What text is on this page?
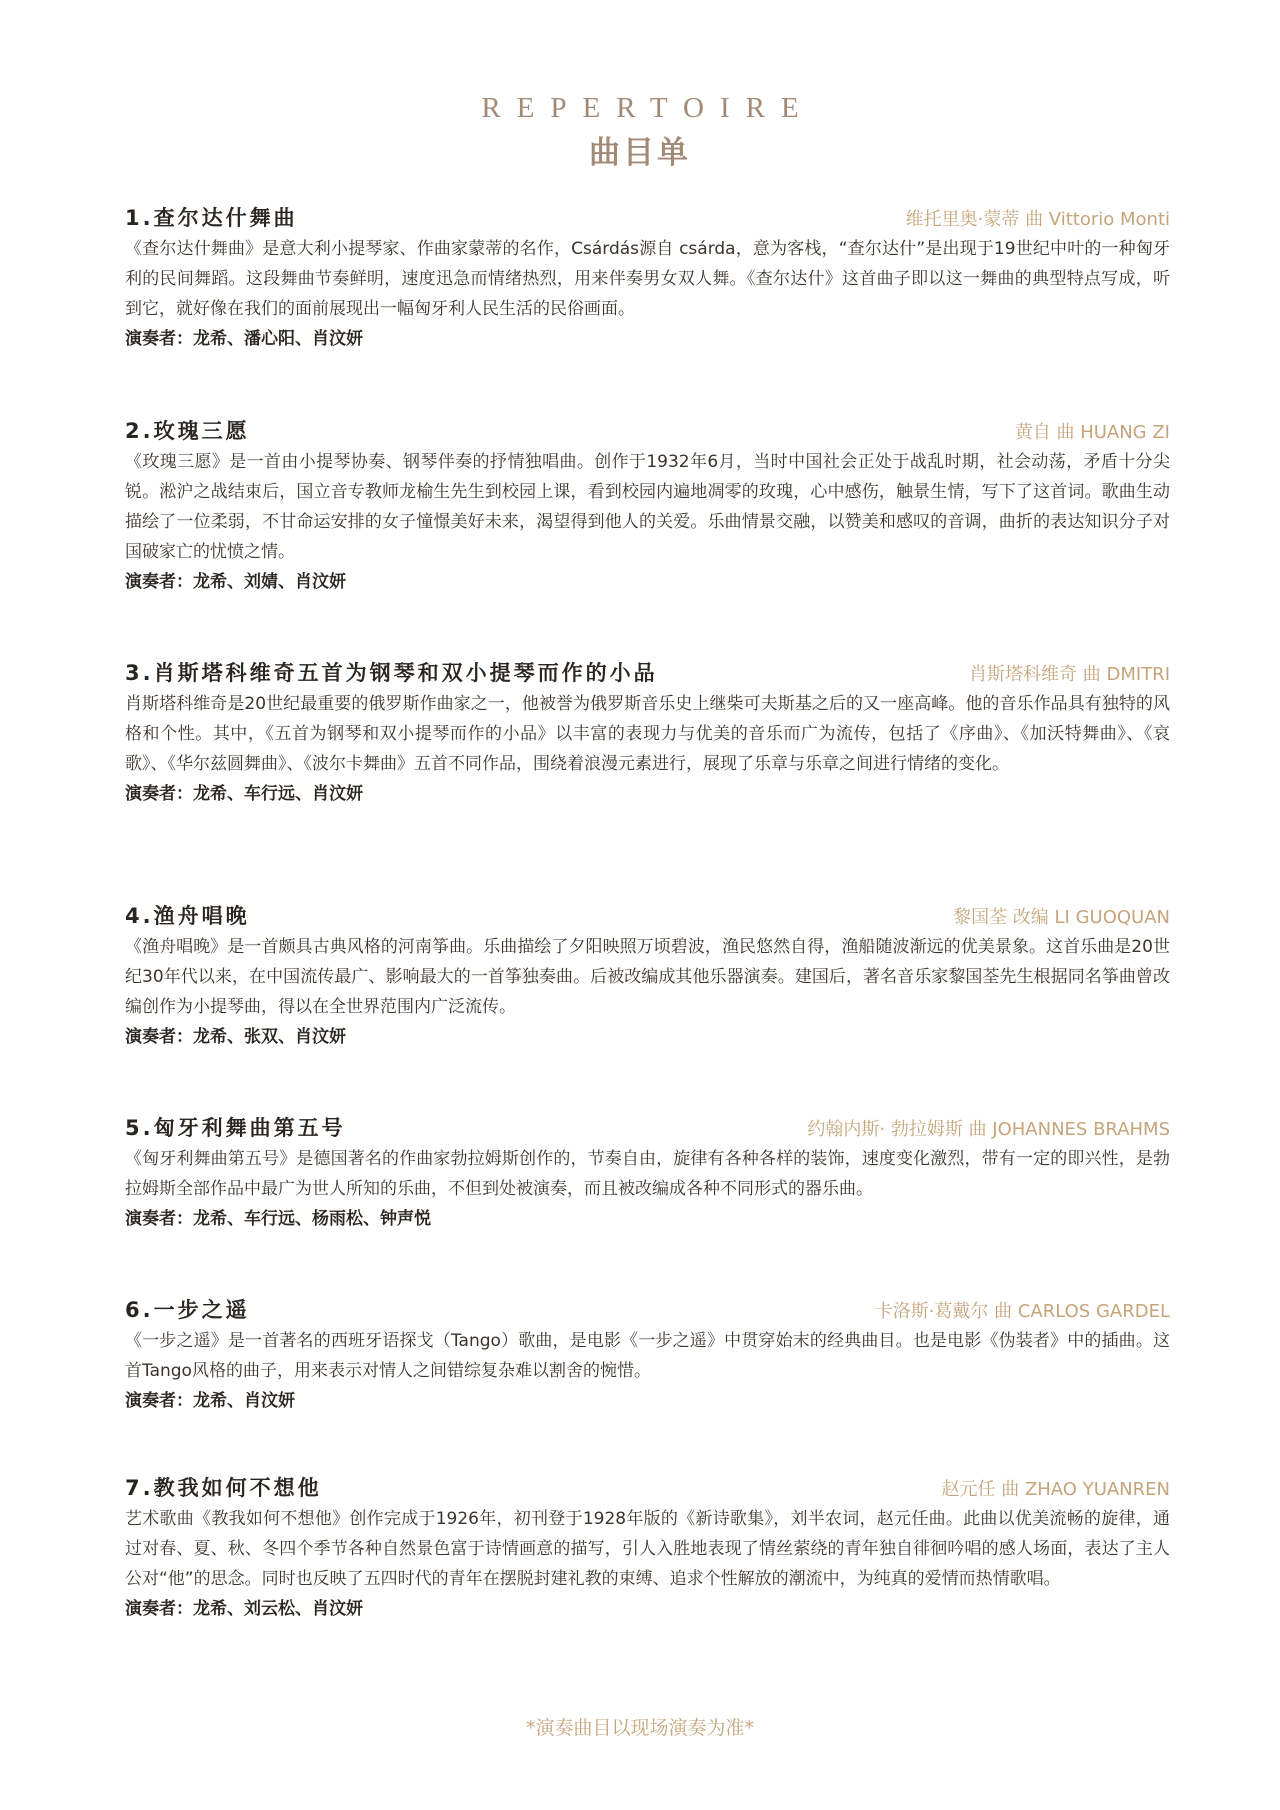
REPERTOIRE
曲目单
1.查尔达什舞曲	维托里奥·蒙蒂 曲 Vittorio Monti

《查尔达什舞曲》是意大利小提琴家、作曲家蒙蒂的名作，Csárdás源自 csárda，意为客栈，“查尔达什”是出现于19世纪中叶的一种匈牙利的民间舞蹈。这段舞曲节奏鲜明，速度迅急而情绪热烈，用来伴奏男女双人舞。《查尔达什》这首曲子即以这一舞曲的典型特点写成，听到它，就好像在我们的面前展现出一幅匈牙利人民生活的民俗画面。

演奏者：龙希、潘心阳、肖汶妍
2.玫瑰三愿	黄自 曲 HUANG ZI

《玫瑰三愿》是一首由小提琴协奏、钢琴伴奏的抒情独唱曲。创作于1932年6月，当时中国社会正处于战乱时期，社会动荡，矛盾十分尖锐。淞沪之战结束后，国立音专教师龙榆生先生到校园上课，看到校园内遍地凋零的玫瑰，心中感伤，触景生情，写下了这首词。歌曲生动描绘了一位柔弱，不甘命运安排的女子憧憬美好未来，渴望得到他人的关爱。乐曲情景交融，以赞美和感叹的音调，曲折的表达知识分子对国破家亡的忧愤之情。

演奏者：龙希、刘婧、肖汶妍
3.肖斯塔科维奇五首为钢琴和双小提琴而作的小品	肖斯塔科维奇 曲 DMITRI

肖斯塔科维奇是20世纪最重要的俄罗斯作曲家之一，他被誉为俄罗斯音乐史上继柴可夫斯基之后的又一座高峰。他的音乐作品具有独特的风格和个性。其中，《五首为钢琴和双小提琴而作的小品》以丰富的表现力与优美的音乐而广为流传，包括了《序曲》、《加沃特舞曲》、《哀歌》、《华尔兹圆舞曲》、《波尔卡舞曲》五首不同作品，围绕着浪漫元素进行，展现了乐章与乐章之间进行情绪的变化。

演奏者：龙希、车行远、肖汶妍
4.渔舟唱晚	黎国荃 改编 LI GUOQUAN

《渔舟唱晚》是一首颇具古典风格的河南筝曲。乐曲描绘了夕阳映照万顷碧波，渔民悠然自得，渔船随波渐远的优美景象。这首乐曲是20世纪30年代以来，在中国流传最广、影响最大的一首筝独奏曲。后被改编成其他乐器演奏。建国后，著名音乐家黎国荃先生根据同名筝曲曾改编创作为小提琴曲，得以在全世界范围内广泛流传。

演奏者：龙希、张双、肖汶妍
5.匈牙利舞曲第五号	约翰内斯· 勃拉姆斯 曲 JOHANNES BRAHMS

《匈牙利舞曲第五号》是德国著名的作曲家勃拉姆斯创作的，节奏自由，旋律有各种各样的装饰，速度变化激烈，带有一定的即兴性，是勃拉姆斯全部作品中最广为世人所知的乐曲，不但到处被演奏，而且被改编成各种不同形式的器乐曲。

演奏者：龙希、车行远、杨雨松、钟声悦
6.一步之遥	卡洛斯·葛戴尔 曲 CARLOS GARDEL

《一步之遥》是一首著名的西班牙语探戈（Tango）歌曲，是电影《一步之遥》中贯穿始末的经典曲目。也是电影《伪装者》中的插曲。这首Tango风格的曲子，用来表示对情人之间错综复杂难以割舍的惋惜。

演奏者：龙希、肖汶妍
7.教我如何不想他	赵元任 曲 ZHAO YUANREN

艺术歌曲《教我如何不想他》创作完成于1926年，初刊登于1928年版的《新诗歌集》，刘半农词，赵元任曲。此曲以优美流畅的旋律，通过对春、夏、秋、冬四个季节各种自然景色富于诗情画意的描写，引人入胜地表现了情丝萦绕的青年独自徘徊吟唱的感人场面，表达了主人公对“他”的思念。同时也反映了五四时代的青年在摆脱封建礼教的束缚、追求个性解放的潮流中，为纯真的爱情而热情歌唱。

演奏者：龙希、刘云松、肖汶妍
*演奏曲目以现场演奏为准*
